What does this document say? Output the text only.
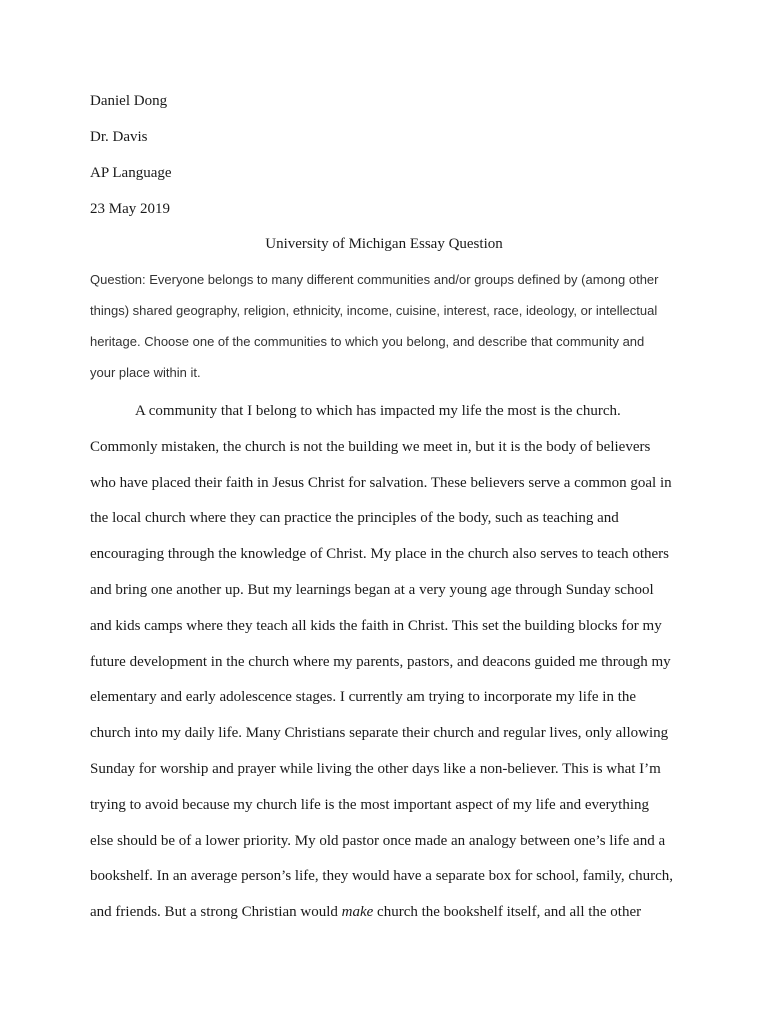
Daniel Dong
Dr. Davis
AP Language
23 May 2019
University of Michigan Essay Question
Question: Everyone belongs to many different communities and/or groups defined by (among other
things) shared geography, religion, ethnicity, income, cuisine, interest, race, ideology, or intellectual
heritage. Choose one of the communities to which you belong, and describe that community and
your place within it.
A community that I belong to which has impacted my life the most is the church.
Commonly mistaken, the church is not the building we meet in, but it is the body of believers
who have placed their faith in Jesus Christ for salvation. These believers serve a common goal in
the local church where they can practice the principles of the body, such as teaching and
encouraging through the knowledge of Christ. My place in the church also serves to teach others
and bring one another up. But my learnings began at a very young age through Sunday school
and kids camps where they teach all kids the faith in Christ. This set the building blocks for my
future development in the church where my parents, pastors, and deacons guided me through my
elementary and early adolescence stages. I currently am trying to incorporate my life in the
church into my daily life. Many Christians separate their church and regular lives, only allowing
Sunday for worship and prayer while living the other days like a non-believer. This is what I’m
trying to avoid because my church life is the most important aspect of my life and everything
else should be of a lower priority. My old pastor once made an analogy between one’s life and a
bookshelf. In an average person’s life, they would have a separate box for school, family, church,
and friends. But a strong Christian would make church the bookshelf itself, and all the other
